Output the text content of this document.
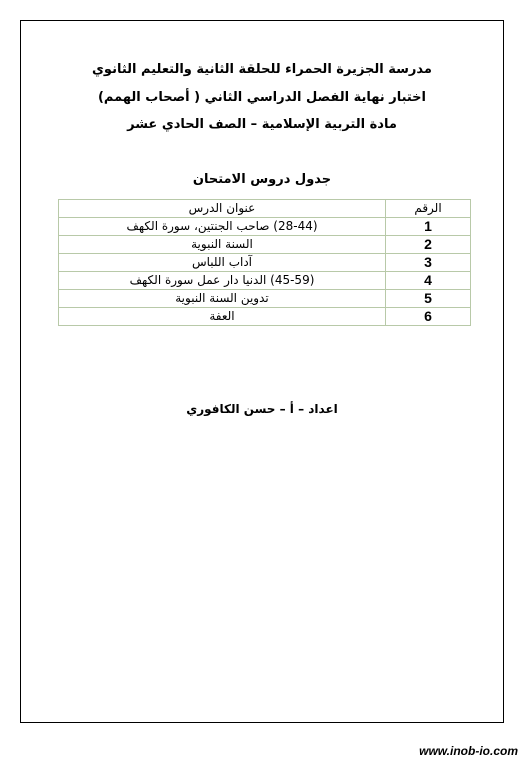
مدرسة الجزيرة الحمراء للحلقة الثانية والتعليم الثانوي
اختبار نهاية الفصل الدراسي الثاني ( أصحاب الهمم)
مادة التربية الإسلامية – الصف الحادي عشر
جدول دروس الامتحان
الرقم	عنوان الدرس
1	(28-44) صاحب الجنتين، سورة الكهف
2	السنة النبوية
3	آداب اللباس
4	(45-59) الدنيا دار عمل سورة الكهف
5	تدوين السنة النبوية
6	العفة
اعداد – أ – حسن الكافوري
www.inob-io.com
